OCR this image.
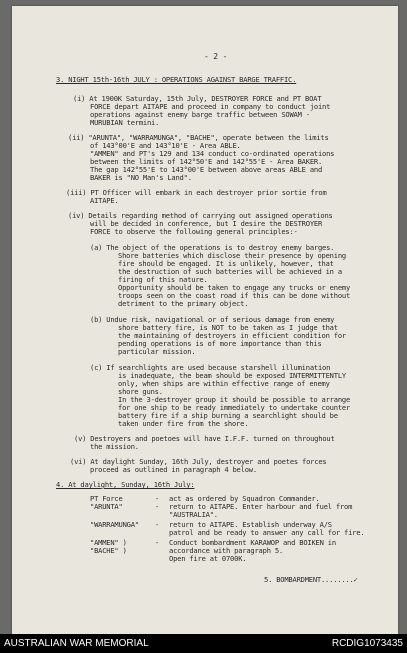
- 2 -
3. NIGHT 15th-16th JULY : OPERATIONS AGAINST BARGE TRAFFIC.
(i) At 1900K Saturday, 15th July, DESTROYER FORCE and PT BOAT
FORCE depart AITAPE and proceed in company to conduct joint
operations against enemy barge traffic between SOWAM -
MURUBIAN termini.
(ii) "ARUNTA", "WARRAMUNGA", "BACHE", operate between the limits
of 143°00'E and 143°10'E - Area ABLE.
"AMMEN" and PT's 129 and 134 conduct co-ordinated operations
between the limits of 142°50'E and 142°55'E - Area BAKER.
The gap 142°55'E to 143°00'E between above areas ABLE and
BAKER is "NO Man's Land".
(iii) PT Officer will embark in each destroyer prior sortie from
AITAPE.
(iv) Details regarding method of carrying out assigned operations
will be decided in conference, but I desire the DESTROYER
FORCE to observe the following general principles:-
(a) The object of the operations is to destroy enemy barges.
Shore batteries which disclose their presence by opening
fire should be engaged. It is unlikely, however, that
the destruction of such batteries will be achieved in a
firing of this nature.
Opportunity should be taken to engage any trucks or enemy
troops seen on the coast road if this can be done without
detriment to the primary object.
(b) Undue risk, navigational or of serious damage from enemy
shore battery fire, is NOT to be taken as I judge that
the maintaining of destroyers in efficient condition for
pending operations is of more importance than this
particular mission.
(c) If searchlights are used because starshell illumination
is inadequate, the beam should be exposed INTERMITTENTLY
only, when ships are within effective range of enemy
shore guns.
In the 3-destroyer group it should be possible to arrange
for one ship to be ready immediately to undertake counter
battery fire if a ship burning a searchlight should be
taken under fire from the shore.
(v) Destroyers and poetoes will have I.F.F. turned on throughout
the mission.
(vi) At daylight Sunday, 16th July, destroyer and poetes forces
proceed as outlined in paragraph 4 below.
4. At daylight, Sunday, 16th July:
PT Force	- act as ordered by Squadron Commander.
"ARUNTA"	- return to AITAPE. Enter harbour and fuel from
"AUSTRALIA".
"WARRAMUNGA" - return to AITAPE. Establish underway A/S
patrol and be ready to answer any call for fire.
"AMMEN" )	- Conduct bombardment KARAWOP and BOIKEN in
"BACHE" )	accordance with paragraph 5.
Open fire at 0700K.
5. BOMBARDMENT........✓
AUSTRALIAN WAR MEMORIAL	RCDIG1073435
